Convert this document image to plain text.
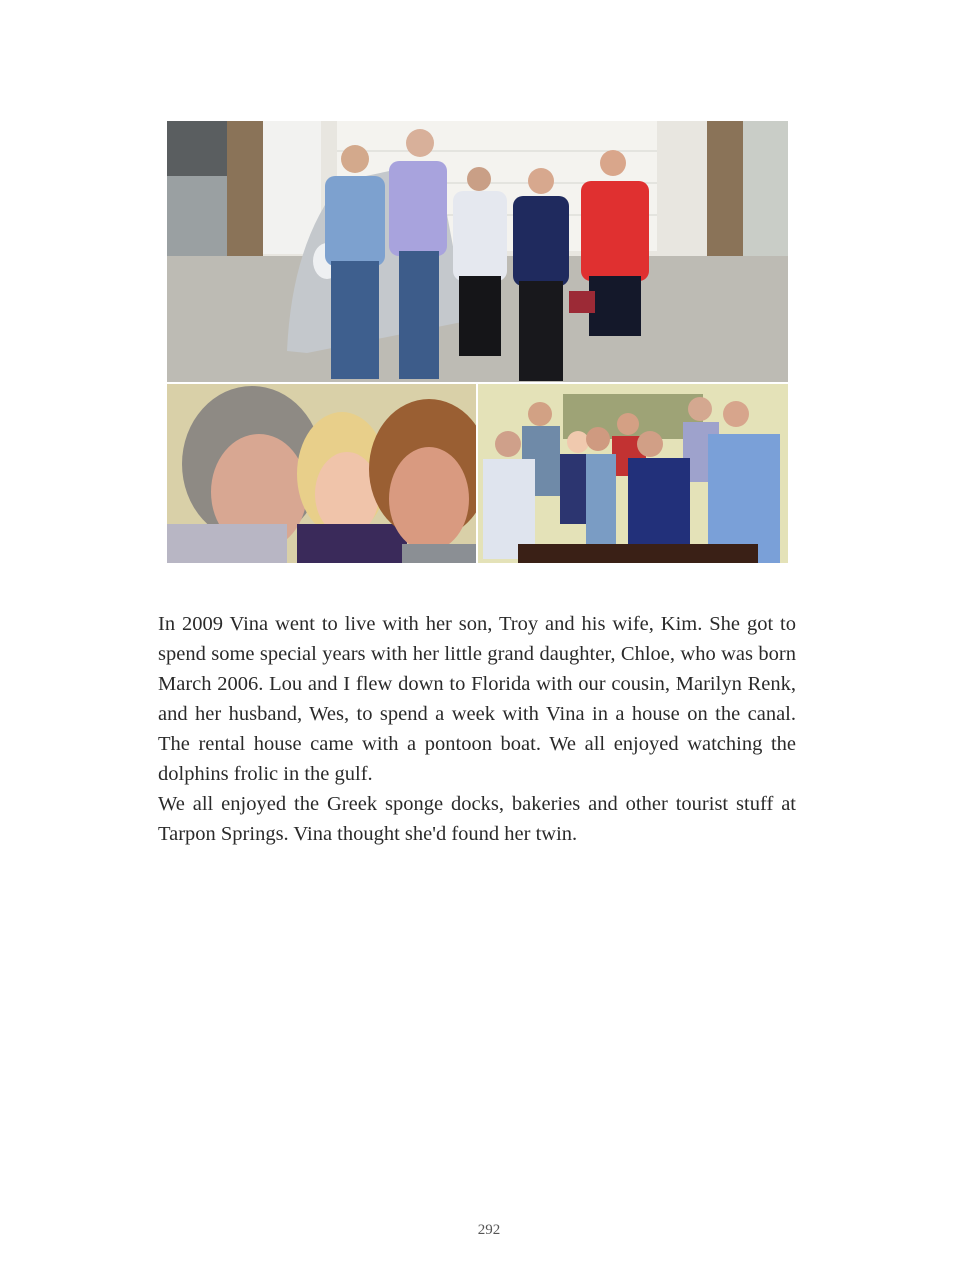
In 2009 Vina went to live with her son, Troy and his wife, Kim. She got to spend some special years with her little grand daughter, Chloe, who was born March 2006. Lou and I flew down to Florida with our cousin, Marilyn Renk, and her husband, Wes, to spend a week with Vina in a house on the canal. The rental house came with a pontoon boat. We all enjoyed watching the dolphins frolic in the gulf.

We all enjoyed the Greek sponge docks, bakeries and other tourist stuff at Tarpon Springs. Vina thought she'd found her twin.

292
